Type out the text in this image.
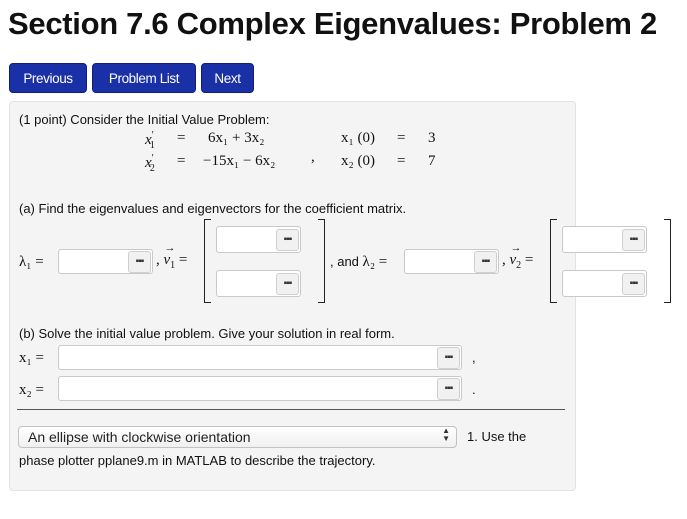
Section 7.6 Complex Eigenvalues: Problem 2
Previous	Problem List	Next
(1 point) Consider the Initial Value Problem:
$x'_1 = 6x_1 + 3x_2$	x₁ (0) = 3
$x'_2 = -15x_1 - 6x_2$ , x₂ (0) = 7
(a) Find the eigenvalues and eigenvectors for the coefficient matrix.
λ₁ =	▪▪▪ , v
→
$_1$ =
▪▪▪
▪▪▪
, and λ₂ =	▪▪▪ , v
→
$_2$ =
▪▪▪
▪▪▪
(b) Solve the initial value problem. Give your solution in real form.
x₁ =	▪▪▪	,
x₂ =	▪▪▪	.
An ellipse with clockwise orientation	▲
▼ 1. Use the
phase plotter pplane9.m in MATLAB to describe the trajectory.
